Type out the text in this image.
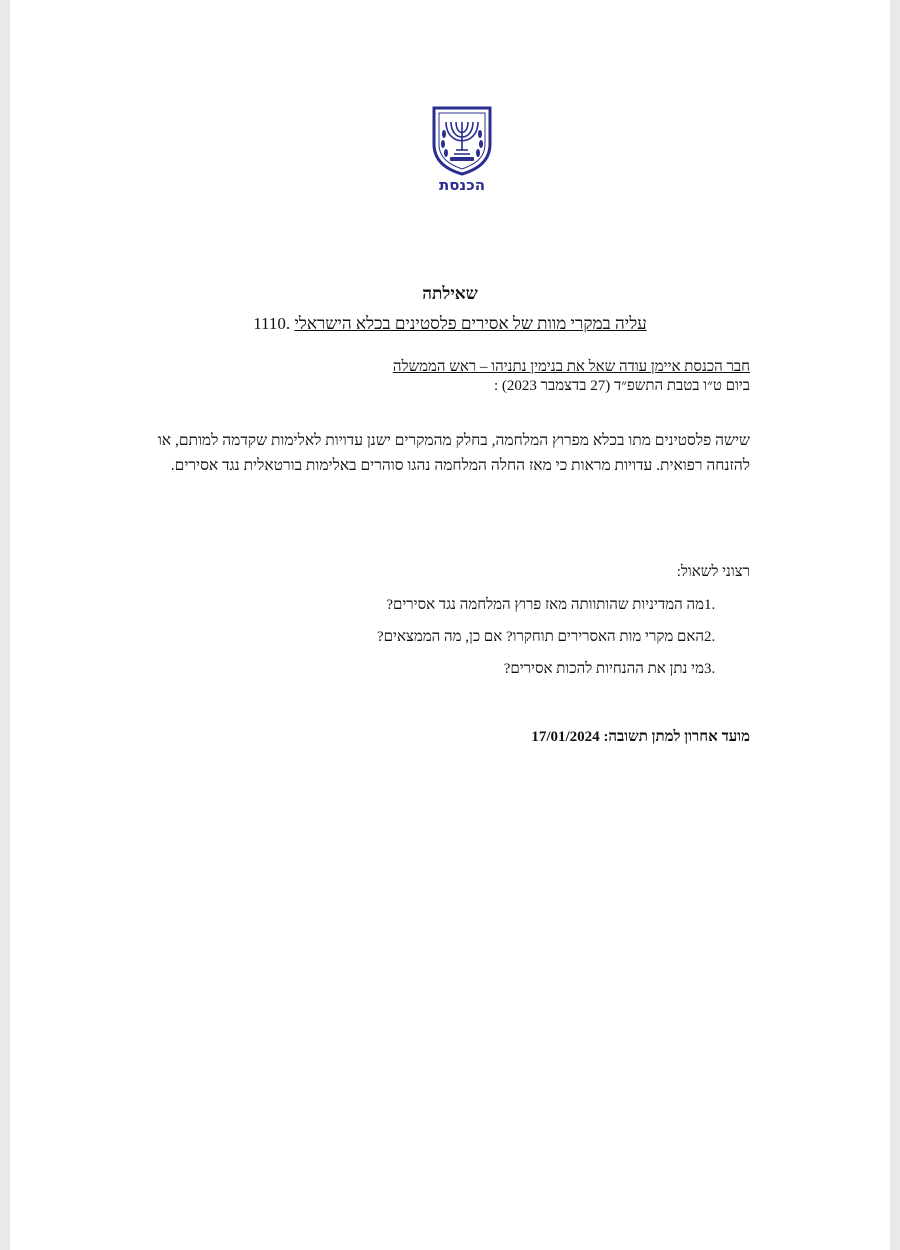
הכנסת
שאילתה
1110. עליה במקרי מוות של אסירים פלסטינים בכלא הישראלי
חבר הכנסת איימן עודה שאל את בנימין נתניהו – ראש הממשלה
ביום ט״ו בטבת התשפ״ד (27 בדצמבר 2023) :
שישה פלסטינים מתו בכלא מפרוץ המלחמה, בחלק מהמקרים ישנן עדויות לאלימות שקדמה למותם, או להזנחה רפואית. עדויות מראות כי מאז החלה המלחמה נהגו סוהרים באלימות בורטאלית נגד אסירים.
רצוני לשאול:
1.
מה המדיניות שהותוותה מאז פרוץ המלחמה נגד אסירים?
2.
האם מקרי מות האסרירים תוחקרו? אם כן, מה הממצאים?
3.
מי נתן את ההנחיות להכות אסירים?
מועד אחרון למתן תשובה: 17/01/2024
